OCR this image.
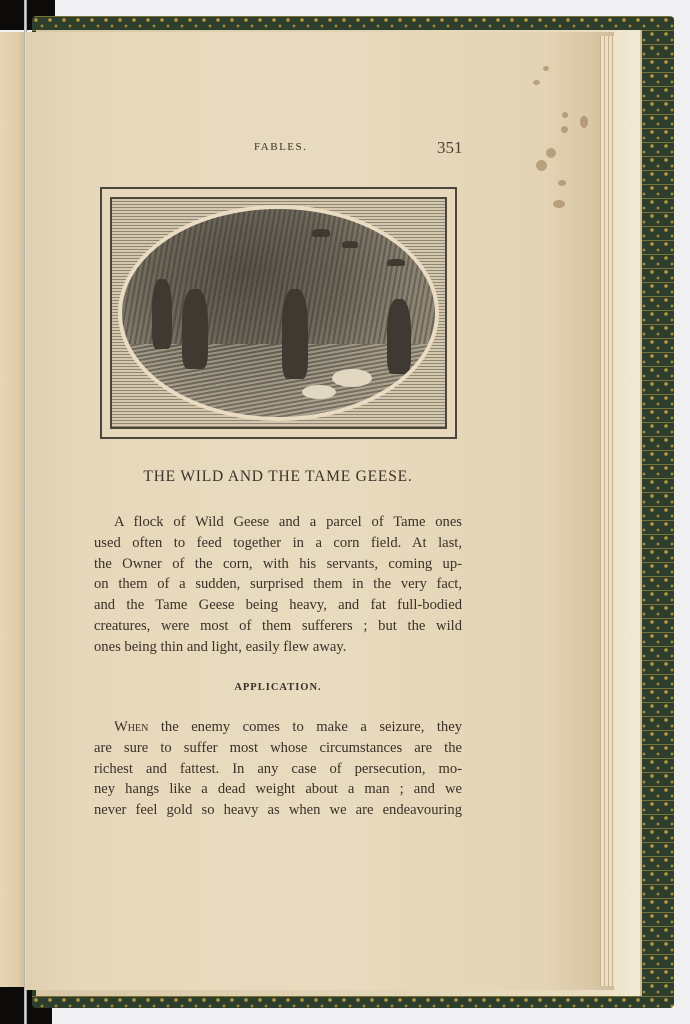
FABLES.	351
THE WILD AND THE TAME GEESE.
A flock of Wild Geese and a parcel of Tame ones
used often to feed together in a corn field. At last,
the Owner of the corn, with his servants, coming up-
on them of a sudden, surprised them in the very fact,
and the Tame Geese being heavy, and fat full-bodied
creatures, were most of them sufferers ; but the wild
ones being thin and light, easily flew away.
APPLICATION.
When the enemy comes to make a seizure, they
are sure to suffer most whose circumstances are the
richest and fattest. In any case of persecution, mo-
ney hangs like a dead weight about a man ; and we
never feel gold so heavy as when we are endeavouring
